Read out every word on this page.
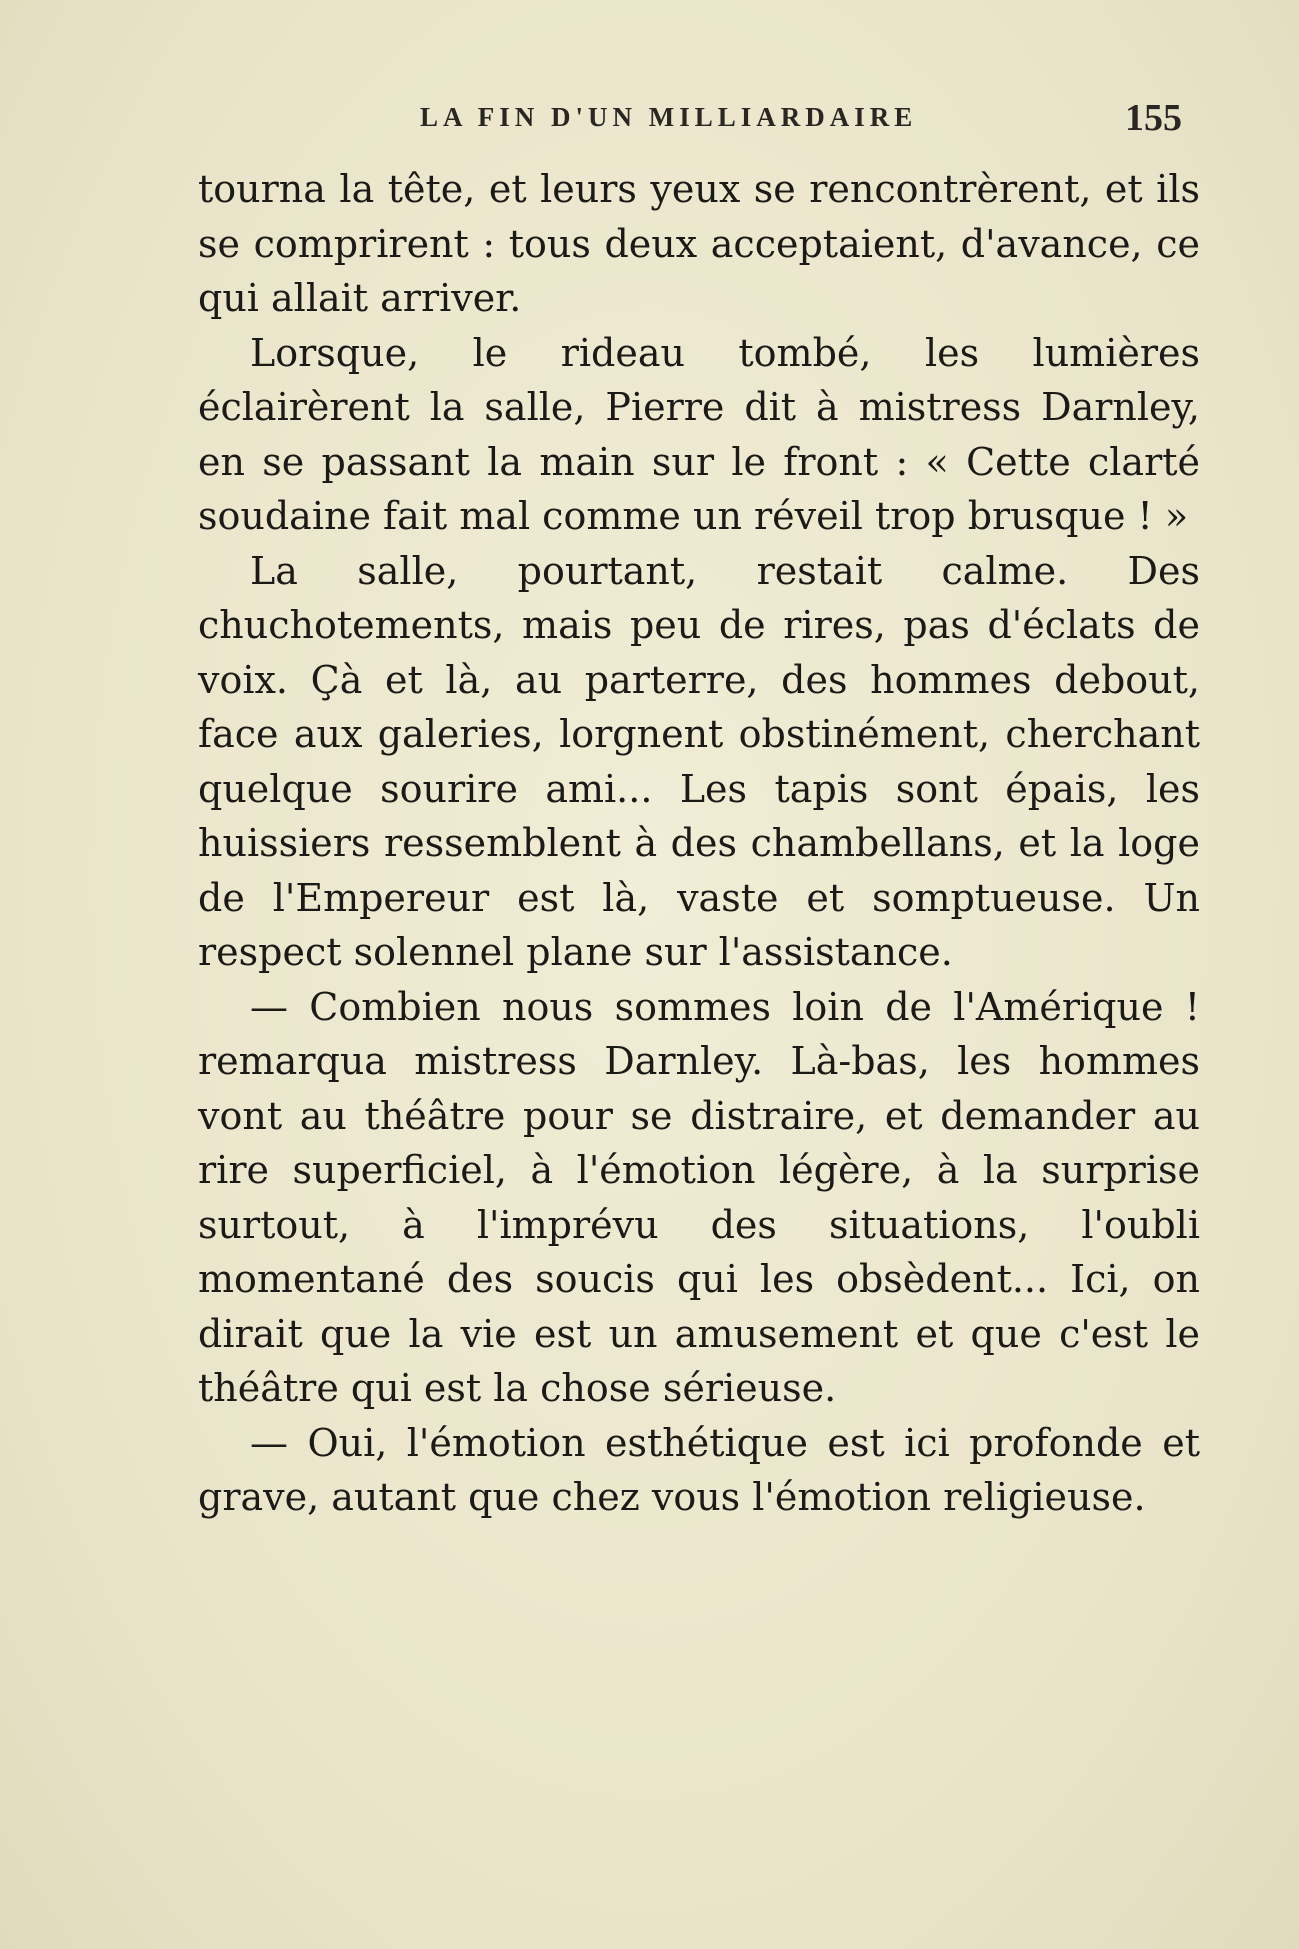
LA FIN D'UN MILLIARDAIRE	155

tourna la tête, et leurs yeux se rencontrèrent, et ils se comprirent : tous deux acceptaient, d'avance, ce qui allait arriver.

Lorsque, le rideau tombé, les lumières éclairèrent la salle, Pierre dit à mistress Darnley, en se passant la main sur le front : « Cette clarté soudaine fait mal comme un réveil trop brusque ! »

La salle, pourtant, restait calme. Des chuchotements, mais peu de rires, pas d'éclats de voix. Çà et là, au parterre, des hommes debout, face aux galeries, lorgnent obstinément, cherchant quelque sourire ami... Les tapis sont épais, les huissiers ressemblent à des chambellans, et la loge de l'Empereur est là, vaste et somptueuse. Un respect solennel plane sur l'assistance.

— Combien nous sommes loin de l'Amérique ! remarqua mistress Darnley. Là-bas, les hommes vont au théâtre pour se distraire, et demander au rire superficiel, à l'émotion légère, à la surprise surtout, à l'imprévu des situations, l'oubli momentané des soucis qui les obsèdent... Ici, on dirait que la vie est un amusement et que c'est le théâtre qui est la chose sérieuse.

— Oui, l'émotion esthétique est ici profonde et grave, autant que chez vous l'émotion religieuse.
